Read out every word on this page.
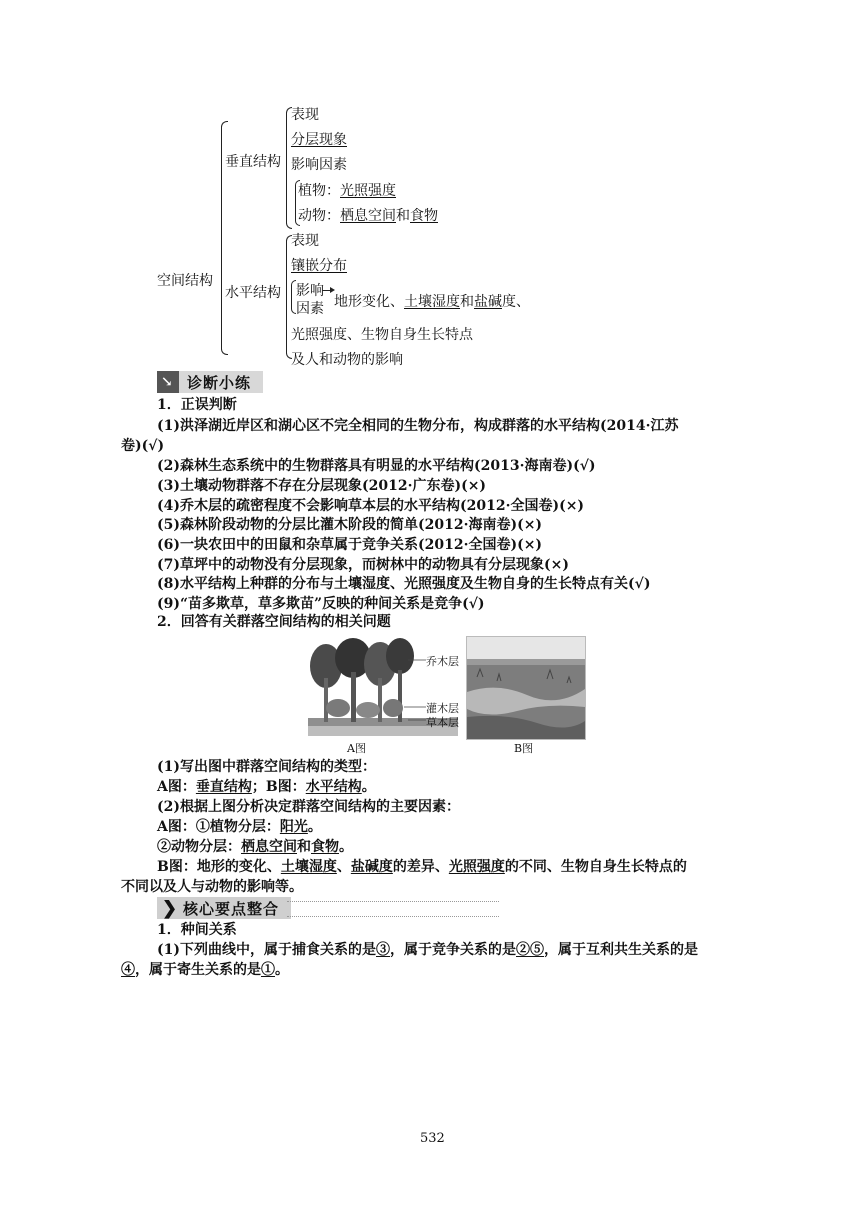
空间结构
垂直结构
表现
分层现象
影响因素
植物：光照强度
动物：栖息空间和食物
水平结构
表现
镶嵌分布
影响
因素 地形变化、土壤湿度和盐碱度、
光照强度、生物自身生长特点
及人和动物的影响
↘ 诊断小练
1．正误判断
(1)洪泽湖近岸区和湖心区不完全相同的生物分布，构成群落的水平结构(2014·江苏
卷)(√)
(2)森林生态系统中的生物群落具有明显的水平结构(2013·海南卷)(√)
(3)土壤动物群落不存在分层现象(2012·广东卷)(×)
(4)乔木层的疏密程度不会影响草本层的水平结构(2012·全国卷)(×)
(5)森林阶段动物的分层比灌木阶段的简单(2012·海南卷)(×)
(6)一块农田中的田鼠和杂草属于竞争关系(2012·全国卷)(×)
(7)草坪中的动物没有分层现象，而树林中的动物具有分层现象(×)
(8)水平结构上种群的分布与土壤湿度、光照强度及生物自身的生长特点有关(√)
(9)“苗多欺草，草多欺苗”反映的种间关系是竞争(√)
2．回答有关群落空间结构的相关问题
乔木层
灌木层
草本层
A图	B图
(1)写出图中群落空间结构的类型：
A图：垂直结构；B图：水平结构。
(2)根据上图分析决定群落空间结构的主要因素：
A图：①植物分层：阳光。
②动物分层：栖息空间和食物。
B图：地形的变化、土壤湿度、盐碱度的差异、光照强度的不同、生物自身生长特点的
不同以及人与动物的影响等。
❯ 核心要点整合
1．种间关系
(1)下列曲线中，属于捕食关系的是③，属于竞争关系的是②⑤，属于互利共生关系的是
④，属于寄生关系的是①。
532
